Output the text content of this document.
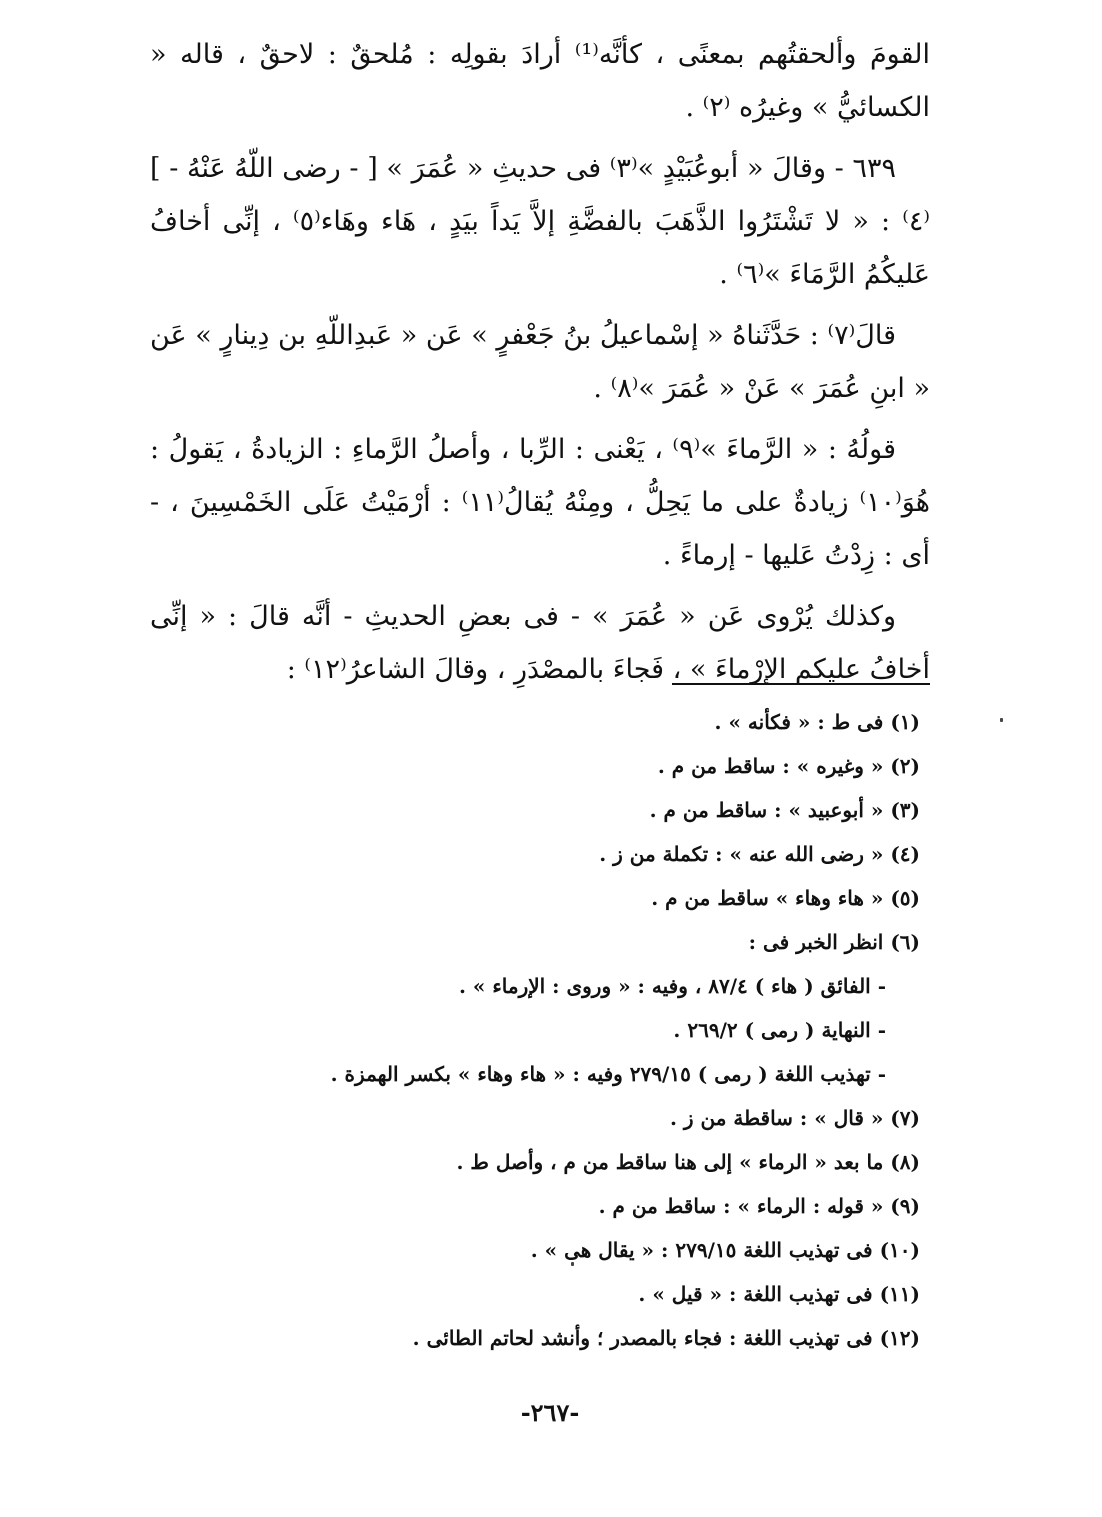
القومَ وألحقتُهم بمعنًى ، كأنَّه⁽¹⁾ أرادَ بقولِه : مُلحقٌ : لاحقٌ ، قاله « الكسائيُّ » وغيرُه ⁽٢⁾ .

٦٣٩ - وقالَ « أبوعُبَيْدٍ »⁽٣⁾ فى حديثِ « عُمَرَ » [ - رضى اللّهُ عَنْهُ - ]⁽٤⁾ : « لا تَشْتَرُوا الذَّهَبَ بالفضَّةِ إلاَّ يَداً بيَدٍ ، هَاء وهَاء⁽٥⁾ ، إنِّى أخافُ عَليكُمُ الرَّمَاءَ »⁽٦⁾ .

قالَ⁽٧⁾ : حَدَّثَناهُ « إسْماعيلُ بنُ جَعْفرٍ » عَن « عَبدِاللّهِ بن دِينارٍ » عَن « ابنِ عُمَرَ » عَنْ « عُمَرَ »⁽٨⁾ .

قولُهُ : « الرَّماءَ »⁽٩⁾ ، يَعْنى : الرِّبا ، وأصلُ الرَّماءِ : الزيادةُ ، يَقولُ : هُوَ⁽١٠⁾ زيادةٌ على ما يَحِلُّ ، ومِنْهُ يُقالُ⁽١١⁾ : أرْمَيْتُ عَلَى الخَمْسِينَ ، - أى : زِدْتُ عَليها - إرماءً .

وكذلك يُرْوى عَن « عُمَرَ » - فى بعضِ الحديثِ - أنَّه قالَ : « إنِّى أخافُ عليكم الإرْماءَ » ، فَجاءَ بالمصْدَرِ ، وقالَ الشاعرُ⁽١٢⁾ :

(١) فى ط : « فكأنه » .

(٢) « وغيره » : ساقط من م .

(٣) « أبوعبيد » : ساقط من م .

(٤) « رضى الله عنه » : تكملة من ز .

(٥) « هاء وهاء » ساقط من م .

(٦) انظر الخبر فى :

- الفائق ( هاء ) ٨٧/٤ ، وفيه : « وروى : الإرماء » .

- النهاية ( رمى ) ٢٦٩/٢ .

- تهذيب اللغة ( رمى ) ٢٧٩/١٥ وفيه : « هاء وهاء » بكسر الهمزة .

(٧) « قال » : ساقطة من ز .

(٨) ما بعد « الرماء » إلى هنا ساقط من م ، وأصل ط .

(٩) « قوله : الرماء » : ساقط من م .

(١٠) فى تهذيب اللغة ٢٧٩/١٥ : « يقال هى » .

(١١) فى تهذيب اللغة : « قيل » .

(١٢) فى تهذيب اللغة : فجاء بالمصدر ؛ وأنشد لحاتم الطائى .

-٢٦٧-
